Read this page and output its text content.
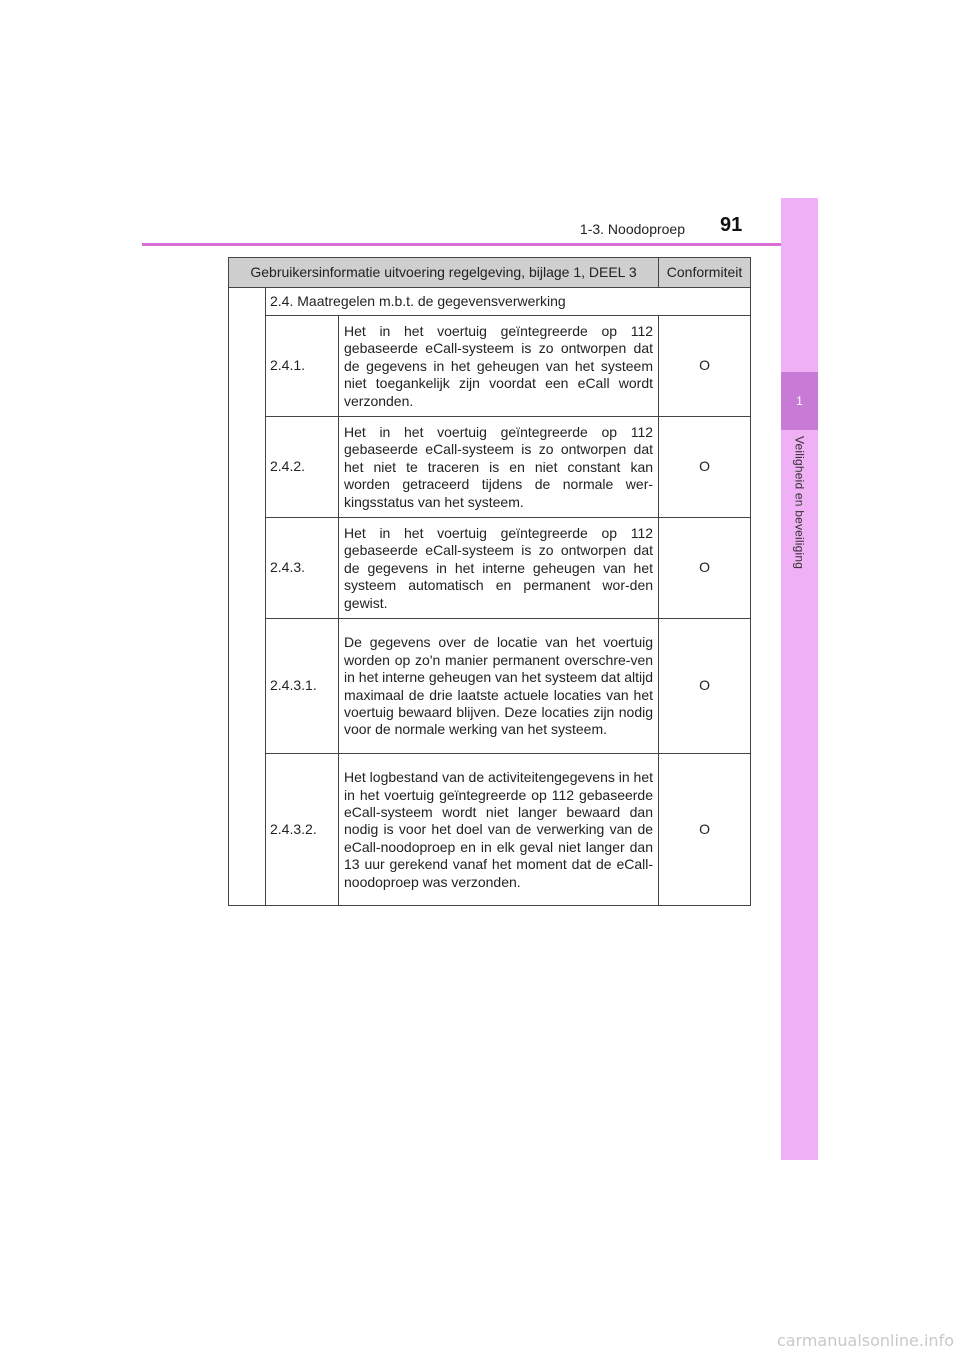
1-3. Noodoproep 91
1
Veiligheid en beveiliging
Gebruikersinformatie uitvoering regelgeving, bijlage 1, DEEL 3			Conformiteit
	2.4. Maatregelen m.b.t. de gegevensverwerking		
	2.4.1.	Het in het voertuig geïntegreerde op 112 gebaseerde eCall-systeem is zo ontworpen dat de gegevens in het geheugen van het systeem niet toegankelijk zijn voordat een eCall wordt verzonden.	O
	2.4.2.	Het in het voertuig geïntegreerde op 112 gebaseerde eCall-systeem is zo ontworpen dat het niet te traceren is en niet constant kan worden getraceerd tijdens de normale wer-kingsstatus van het systeem.	O
	2.4.3.	Het in het voertuig geïntegreerde op 112 gebaseerde eCall-systeem is zo ontworpen dat de gegevens in het interne geheugen van het systeem automatisch en permanent wor-den gewist.	O
	2.4.3.1.	De gegevens over de locatie van het voertuig worden op zo'n manier permanent overschre-ven in het interne geheugen van het systeem dat altijd maximaal de drie laatste actuele locaties van het voertuig bewaard blijven. Deze locaties zijn nodig voor de normale werking van het systeem.	O
	2.4.3.2.	Het logbestand van de activiteitengegevens in het in het voertuig geïntegreerde op 112 gebaseerde eCall-systeem wordt niet langer bewaard dan nodig is voor het doel van de verwerking van de eCall-noodoproep en in elk geval niet langer dan 13 uur gerekend vanaf het moment dat de eCall-noodoproep was verzonden.	O
carmanualsonline.info
